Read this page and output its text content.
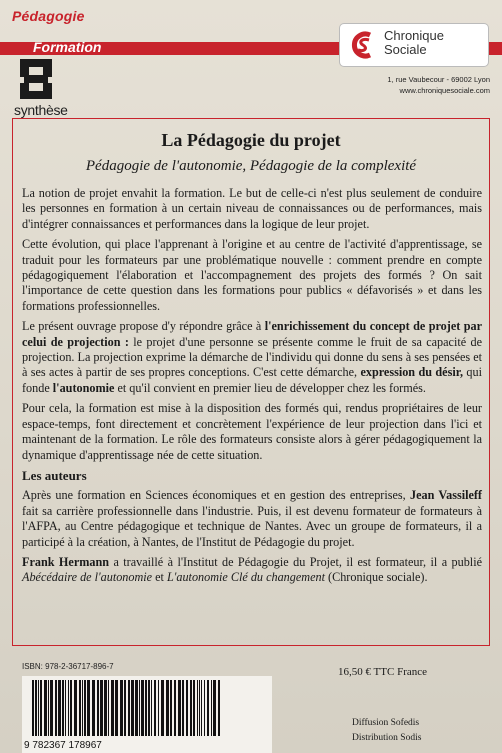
Pédagogie
Formation
synthèse
Chronique
Sociale
1, rue Vaubecour - 69002 Lyon
www.chroniquesociale.com
La Pédagogie du projet
Pédagogie de l'autonomie, Pédagogie de la complexité

La notion de projet envahit la formation. Le but de celle-ci n'est plus seulement de conduire les personnes en formation à un certain niveau de connaissances ou de performances, mais d'intégrer connaissances et performances dans la logique de leur projet.

Cette évolution, qui place l'apprenant à l'origine et au centre de l'activité d'apprentissage, se traduit pour les formateurs par une problématique nouvelle : comment prendre en compte pédagogiquement l'élaboration et l'accompagnement des projets des formés ? On sait l'importance de cette question dans les formations pour publics « défavorisés » et dans les formations professionnelles.

Le présent ouvrage propose d'y répondre grâce à l'enrichissement du concept de projet par celui de projection : le projet d'une personne se présente comme le fruit de sa capacité de projection. La projection exprime la démarche de l'individu qui donne du sens à ses pensées et à ses actes à partir de ses propres conceptions. C'est cette démarche, expression du désir, qui fonde l'autonomie et qu'il convient en premier lieu de développer chez les formés.

Pour cela, la formation est mise à la disposition des formés qui, rendus propriétaires de leur espace-temps, font directement et concrètement l'expérience de leur projection dans l'ici et maintenant de la formation. Le rôle des formateurs consiste alors à gérer pédagogiquement la dynamique d'apprentissage née de cette situation.

Les auteurs

Après une formation en Sciences économiques et en gestion des entreprises, Jean Vassileff fait sa carrière professionnelle dans l'industrie. Puis, il est devenu formateur de formateurs à l'AFPA, au Centre pédagogique et technique de Nantes. Avec un groupe de formateurs, il a participé à la création, à Nantes, de l'Institut de Pédagogie du projet.

Frank Hermann a travaillé à l'Institut de Pédagogie du Projet, il est formateur, il a publié Abécédaire de l'autonomie et L'autonomie Clé du changement (Chronique sociale).

ISBN: 978-2-36717-896-7
9 782367 178967
16,50 € TTC France
Diffusion Sofedis
Distribution Sodis
